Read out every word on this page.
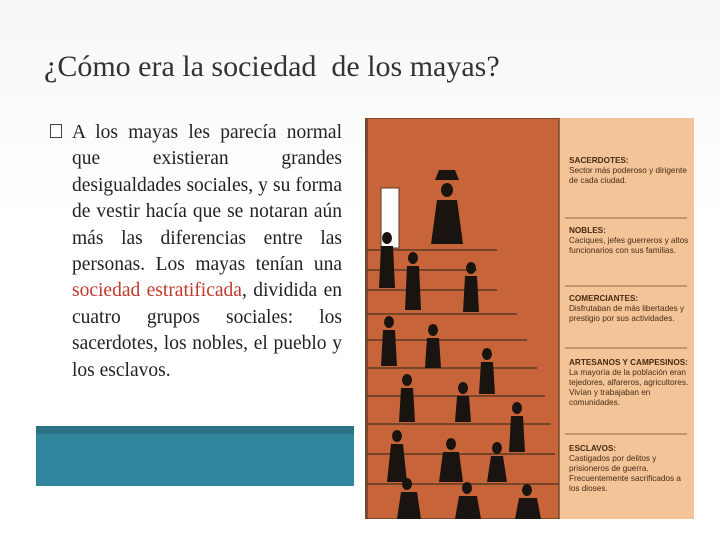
¿Cómo era la sociedad  de los mayas?
A los mayas les parecía normal que existieran grandes desigualdades sociales, y su forma de vestir hacía que se notaran aún más las diferencias entre las personas. Los mayas tenían una sociedad estratificada, dividida en cuatro grupos sociales: los sacerdotes, los nobles, el pueblo y los esclavos.
SACERDOTES:
Sector más poderoso y dirigente de cada ciudad.
NOBLES:
Caciques, jefes guerreros y altos funcionarios con sus familias.
COMERCIANTES:
Disfrutaban de más libertades y prestigio por sus actividades.
ARTESANOS Y CAMPESINOS:
La mayoría de la población eran tejedores, alfareros, agricultores. Vivían y trabajaban en comunidades.
ESCLAVOS:
Castigados por delitos y prisioneros de guerra. Frecuentemente sacrificados a los dioses.
